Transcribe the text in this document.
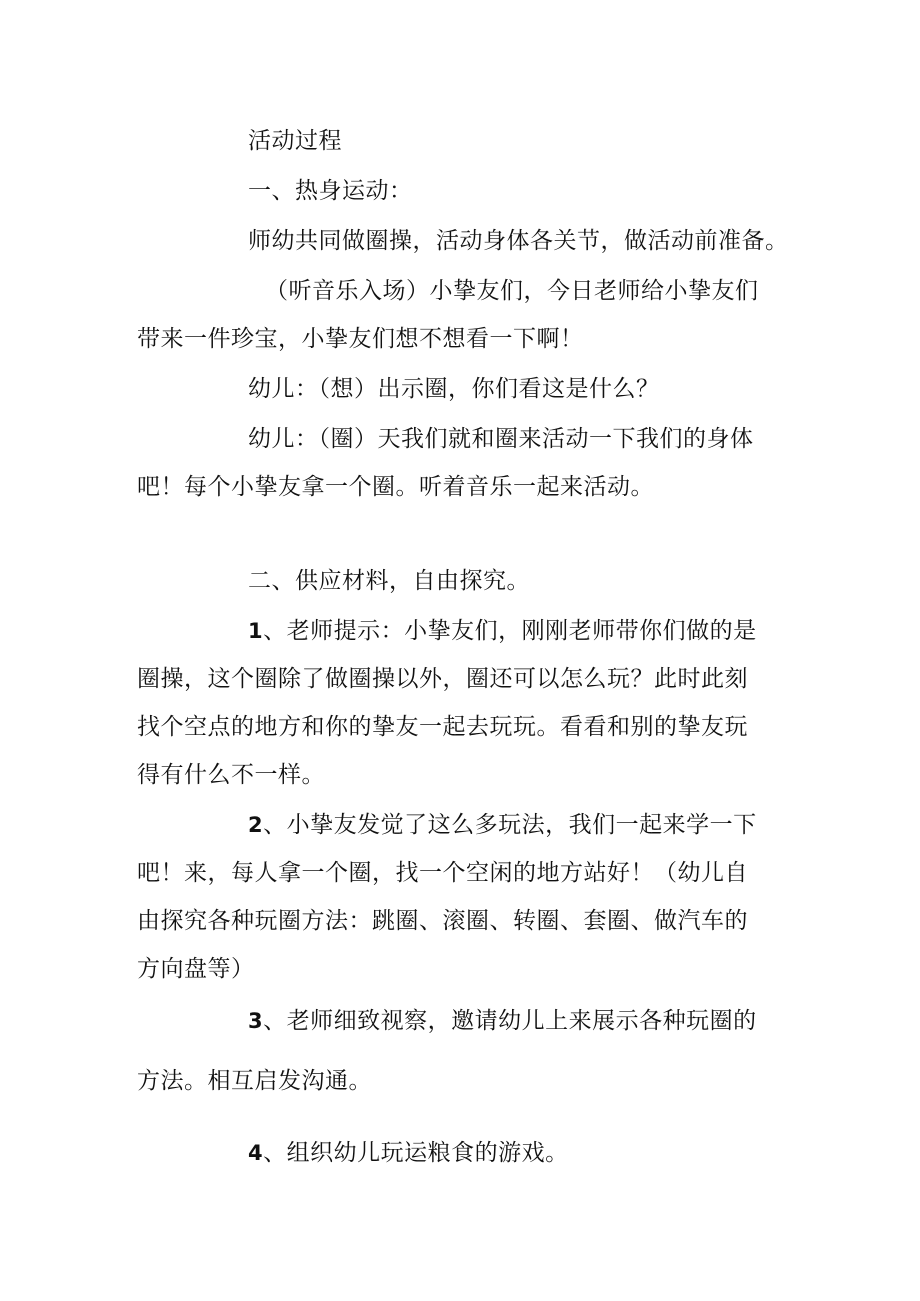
活动过程
一、热身运动：
师幼共同做圈操，活动身体各关节，做活动前准备。
（听音乐入场）小挚友们，今日老师给小挚友们
带来一件珍宝，小挚友们想不想看一下啊！
幼儿：（想）出示圈，你们看这是什么？
幼儿：（圈）天我们就和圈来活动一下我们的身体
吧！每个小挚友拿一个圈。听着音乐一起来活动。
二、供应材料，自由探究。
1、老师提示：小挚友们，刚刚老师带你们做的是
圈操，这个圈除了做圈操以外，圈还可以怎么玩？此时此刻
找个空点的地方和你的挚友一起去玩玩。看看和别的挚友玩
得有什么不一样。
2、小挚友发觉了这么多玩法，我们一起来学一下
吧！来，每人拿一个圈，找一个空闲的地方站好！（幼儿自
由探究各种玩圈方法：跳圈、滚圈、转圈、套圈、做汽车的
方向盘等）
3、老师细致视察，邀请幼儿上来展示各种玩圈的
方法。相互启发沟通。
4、组织幼儿玩运粮食的游戏。
